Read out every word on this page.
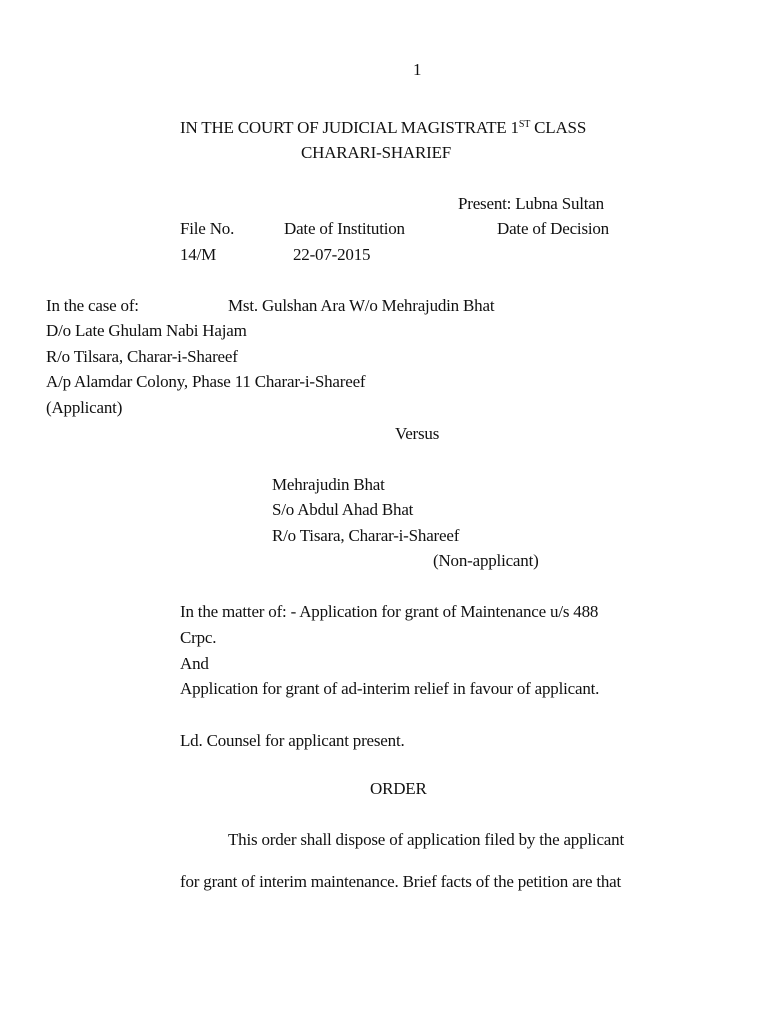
1
IN THE COURT OF JUDICIAL MAGISTRATE 1ST CLASS
CHARARI-SHARIEF
Present: Lubna Sultan
File No.	Date of Institution	Date of Decision
14/M	22-07-2015
In the case of:	Mst. Gulshan Ara W/o Mehrajudin Bhat
D/o Late Ghulam Nabi Hajam
R/o Tilsara, Charar-i-Shareef
A/p Alamdar Colony, Phase 11 Charar-i-Shareef
(Applicant)
Versus
Mehrajudin Bhat
S/o Abdul Ahad Bhat
R/o Tisara, Charar-i-Shareef
(Non-applicant)
In the matter of: - Application for grant of Maintenance u/s 488
Crpc.
And
Application for grant of ad-interim relief in favour of applicant.
Ld. Counsel for applicant present.
ORDER
This order shall dispose of application filed by the applicant
for grant of interim maintenance. Brief facts of the petition are that
